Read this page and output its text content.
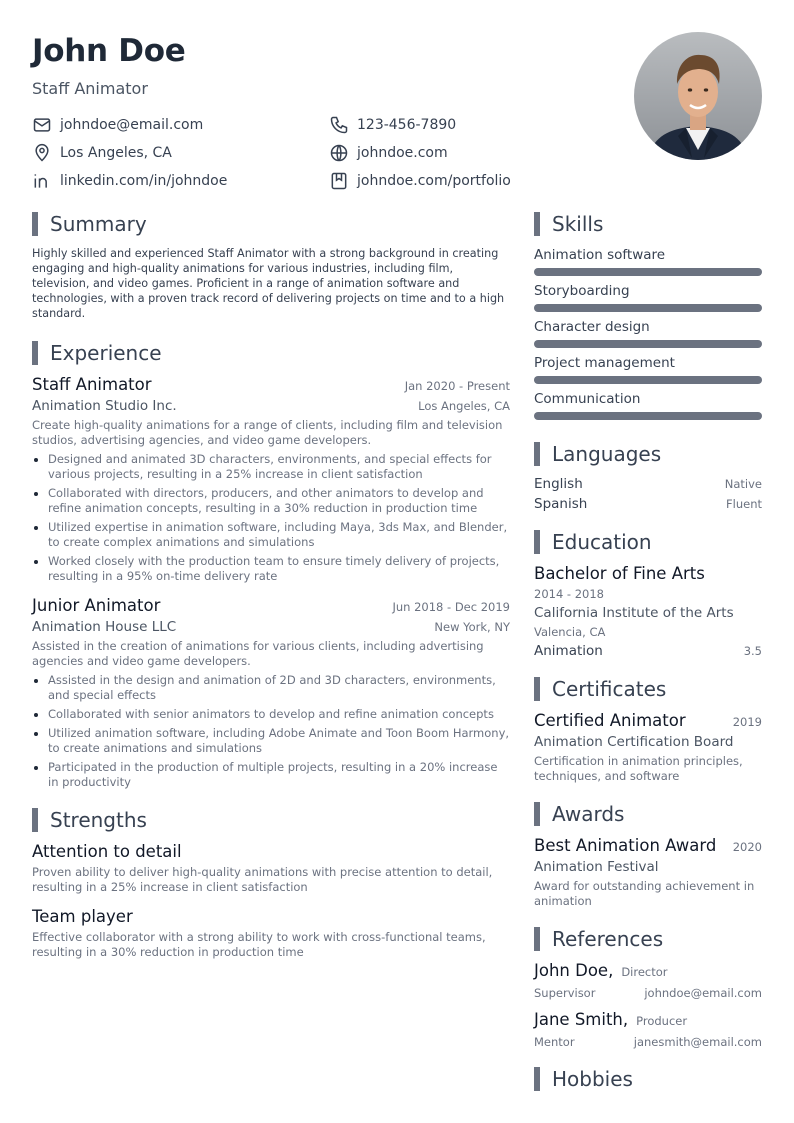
John Doe
Staff Animator
johndoe@email.com	123-456-7890
Los Angeles, CA	johndoe.com
linkedin.com/in/johndoe	johndoe.com/portfolio
Summary

Highly skilled and experienced Staff Animator with a strong background in creating engaging and high-quality animations for various industries, including film, television, and video games. Proficient in a range of animation software and technologies, with a proven track record of delivering projects on time and to a high standard.

Experience
Staff Animator	Jan 2020 - Present
Animation Studio Inc.	Los Angeles, CA
Create high-quality animations for a range of clients, including film and television studios, advertising agencies, and video game developers.
• Designed and animated 3D characters, environments, and special effects for various projects, resulting in a 25% increase in client satisfaction
• Collaborated with directors, producers, and other animators to develop and refine animation concepts, resulting in a 30% reduction in production time
• Utilized expertise in animation software, including Maya, 3ds Max, and Blender, to create complex animations and simulations
• Worked closely with the production team to ensure timely delivery of projects, resulting in a 95% on-time delivery rate
Junior Animator	Jun 2018 - Dec 2019
Animation House LLC	New York, NY
Assisted in the creation of animations for various clients, including advertising agencies and video game developers.
• Assisted in the design and animation of 2D and 3D characters, environments, and special effects
• Collaborated with senior animators to develop and refine animation concepts
• Utilized animation software, including Adobe Animate and Toon Boom Harmony, to create animations and simulations
• Participated in the production of multiple projects, resulting in a 20% increase in productivity
Strengths
Attention to detail
Proven ability to deliver high-quality animations with precise attention to detail, resulting in a 25% increase in client satisfaction
Team player
Effective collaborator with a strong ability to work with cross-functional teams, resulting in a 30% reduction in production time
Skills
Animation software
Storyboarding
Character design
Project management
Communication
Languages
English	Native
Spanish	Fluent
Education
Bachelor of Fine Arts
2014 - 2018
California Institute of the Arts
Valencia, CA
Animation	3.5
Certificates
Certified Animator	2019
Animation Certification Board
Certification in animation principles, techniques, and software
Awards
Best Animation Award 2020
Animation Festival
Award for outstanding achievement in animation
References
John Doe, Director
Supervisor	johndoe@email.com
Jane Smith, Producer
Mentor	janesmith@email.com
Hobbies
